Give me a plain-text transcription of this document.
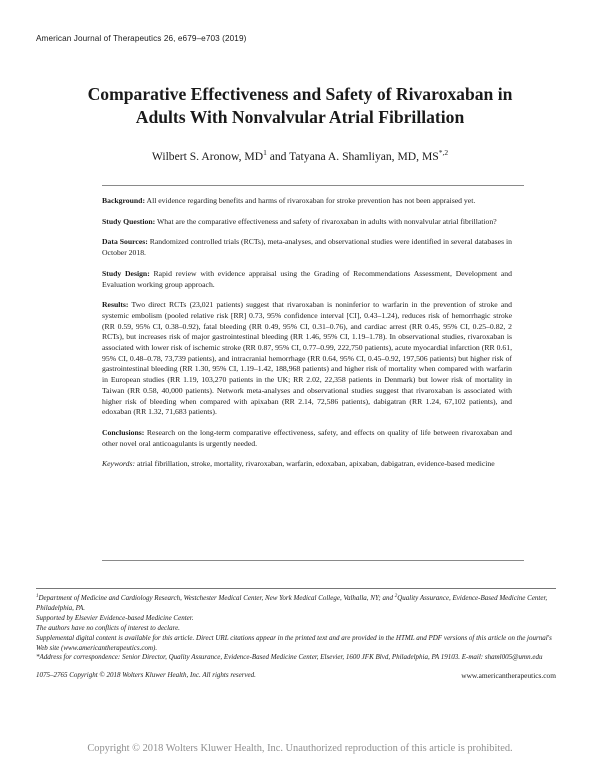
American Journal of Therapeutics 26, e679–e703 (2019)
Comparative Effectiveness and Safety of Rivaroxaban in
Adults With Nonvalvular Atrial Fibrillation
Wilbert S. Aronow, $MD^1$ and Tatyana A. Shamliyan, MD, $MS^{*,2}$

Background: All evidence regarding benefits and harms of rivaroxaban for stroke prevention has not been appraised yet.

Study Question: What are the comparative effectiveness and safety of rivaroxaban in adults with nonvalvular atrial fibrillation?

Data Sources: Randomized controlled trials (RCTs), meta-analyses, and observational studies were identified in several databases in October 2018.

Study Design: Rapid review with evidence appraisal using the Grading of Recommendations Assessment, Development and Evaluation working group approach.

Results: Two direct RCTs (23,021 patients) suggest that rivaroxaban is noninferior to warfarin in the prevention of stroke and systemic embolism (pooled relative risk [RR] 0.73, 95% confidence interval [CI], 0.43–1.24), reduces risk of hemorrhagic stroke (RR 0.59, 95% CI, 0.38–0.92), fatal bleeding (RR 0.49, 95% CI, 0.31–0.76), and cardiac arrest (RR 0.45, 95% CI, 0.25–0.82, 2 RCTs), but increases risk of major gastrointestinal bleeding (RR 1.46, 95% CI, 1.19–1.78). In observational studies, rivaroxaban is associated with lower risk of ischemic stroke (RR 0.87, 95% CI, 0.77–0.99, 222,750 patients), acute myocardial infarction (RR 0.61, 95% CI, 0.48–0.78, 73,739 patients), and intracranial hemorrhage (RR 0.64, 95% CI, 0.45–0.92, 197,506 patients) but higher risk of gastrointestinal bleeding (RR 1.30, 95% CI, 1.19–1.42, 188,968 patients) and higher risk of mortality when compared with warfarin in European studies (RR 1.19, 103,270 patients in the UK; RR 2.02, 22,358 patients in Denmark) but lower risk of mortality in Taiwan (RR 0.58, 40,000 patients). Network meta-analyses and observational studies suggest that rivaroxaban is associated with higher risk of bleeding when compared with apixaban (RR 2.14, 72,586 patients), dabigatran (RR 1.24, 67,102 patients), and edoxaban (RR 1.32, 71,683 patients).

Conclusions: Research on the long-term comparative effectiveness, safety, and effects on quality of life between rivaroxaban and other novel oral anticoagulants is urgently needed.

Keywords: atrial fibrillation, stroke, mortality, rivaroxaban, warfarin, edoxaban, apixaban, dabigatran, evidence-based medicine

$^1$Department of Medicine and Cardiology Research, Westchester Medical Center, New York Medical College, Valhalla, NY; and $^2$Quality Assurance, Evidence-Based Medicine Center, Philadelphia, PA.

Supported by Elsevier Evidence-based Medicine Center.

The authors have no conflicts of interest to declare.

Supplemental digital content is available for this article. Direct URL citations appear in the printed text and are provided in the HTML and PDF versions of this article on the journal's Web site (www.americantherapeutics.com).

*Address for correspondence: Senior Director, Quality Assurance, Evidence-Based Medicine Center, Elsevier, 1600 JFK Blvd, Philadelphia, PA 19103. E-mail: shaml005@umn.edu

1075–2765 Copyright © 2018 Wolters Kluwer Health, Inc. All rights reserved.	www.americantherapeutics.com
Copyright © 2018 Wolters Kluwer Health, Inc. Unauthorized reproduction of this article is prohibited.
